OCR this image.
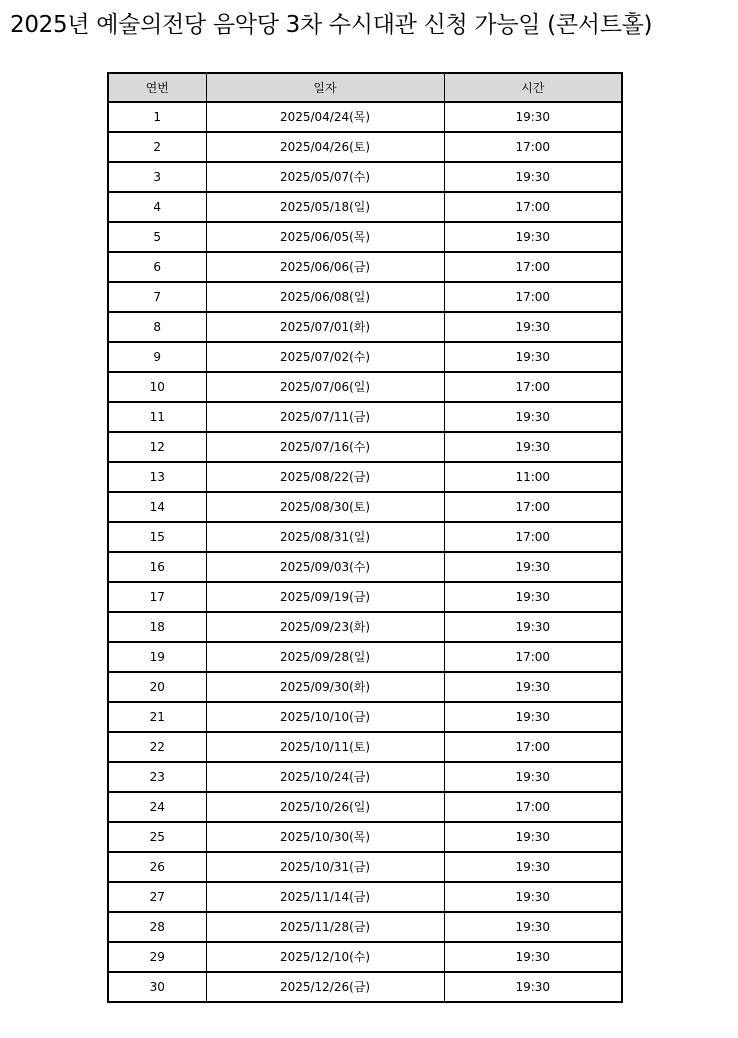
2025년 예술의전당 음악당 3차 수시대관 신청 가능일 (콘서트홀)
연번	일자	시간
1	2025/04/24(목)	19:30
2	2025/04/26(토)	17:00
3	2025/05/07(수)	19:30
4	2025/05/18(일)	17:00
5	2025/06/05(목)	19:30
6	2025/06/06(금)	17:00
7	2025/06/08(일)	17:00
8	2025/07/01(화)	19:30
9	2025/07/02(수)	19:30
10	2025/07/06(일)	17:00
11	2025/07/11(금)	19:30
12	2025/07/16(수)	19:30
13	2025/08/22(금)	11:00
14	2025/08/30(토)	17:00
15	2025/08/31(일)	17:00
16	2025/09/03(수)	19:30
17	2025/09/19(금)	19:30
18	2025/09/23(화)	19:30
19	2025/09/28(일)	17:00
20	2025/09/30(화)	19:30
21	2025/10/10(금)	19:30
22	2025/10/11(토)	17:00
23	2025/10/24(금)	19:30
24	2025/10/26(일)	17:00
25	2025/10/30(목)	19:30
26	2025/10/31(금)	19:30
27	2025/11/14(금)	19:30
28	2025/11/28(금)	19:30
29	2025/12/10(수)	19:30
30	2025/12/26(금)	19:30
